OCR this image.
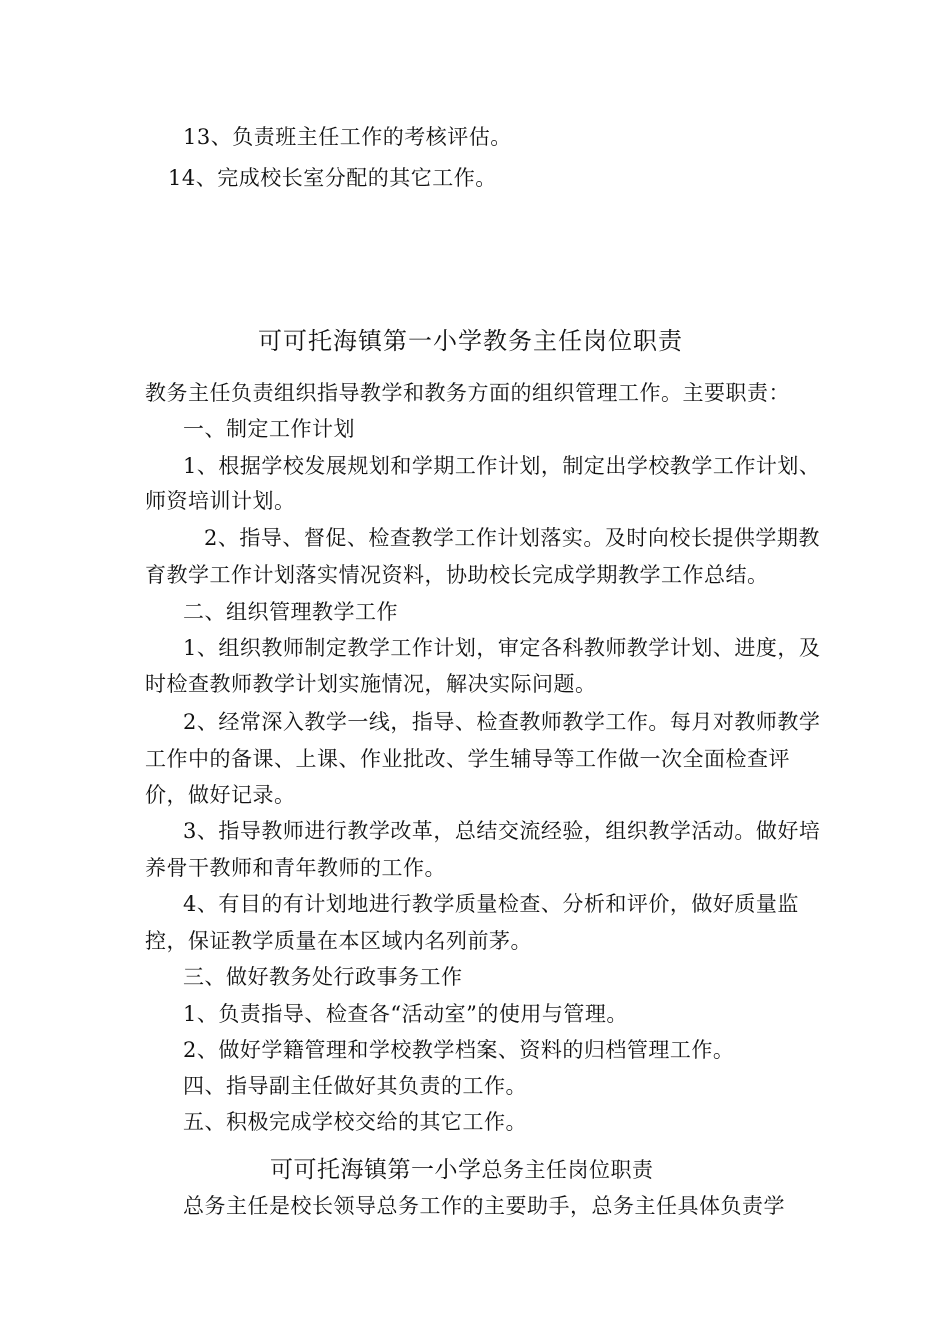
13、负责班主任工作的考核评估。
14、完成校长室分配的其它工作。
可可托海镇第一小学教务主任岗位职责
教务主任负责组织指导教学和教务方面的组织管理工作。主要职责：
一、制定工作计划
1、根据学校发展规划和学期工作计划，制定出学校教学工作计划、
师资培训计划。
2、指导、督促、检查教学工作计划落实。及时向校长提供学期教
育教学工作计划落实情况资料，协助校长完成学期教学工作总结。
二、组织管理教学工作
1、组织教师制定教学工作计划，审定各科教师教学计划、进度，及
时检查教师教学计划实施情况，解决实际问题。
2、经常深入教学一线，指导、检查教师教学工作。每月对教师教学
工作中的备课、上课、作业批改、学生辅导等工作做一次全面检查评
价，做好记录。
3、指导教师进行教学改革，总结交流经验，组织教学活动。做好培
养骨干教师和青年教师的工作。
4、有目的有计划地进行教学质量检查、分析和评价，做好质量监
控，保证教学质量在本区域内名列前茅。
三、做好教务处行政事务工作
1、负责指导、检查各“活动室”的使用与管理。
2、做好学籍管理和学校教学档案、资料的归档管理工作。
四、指导副主任做好其负责的工作。
五、积极完成学校交给的其它工作。
可可托海镇第一小学总务主任岗位职责
总务主任是校长领导总务工作的主要助手，总务主任具体负责学
